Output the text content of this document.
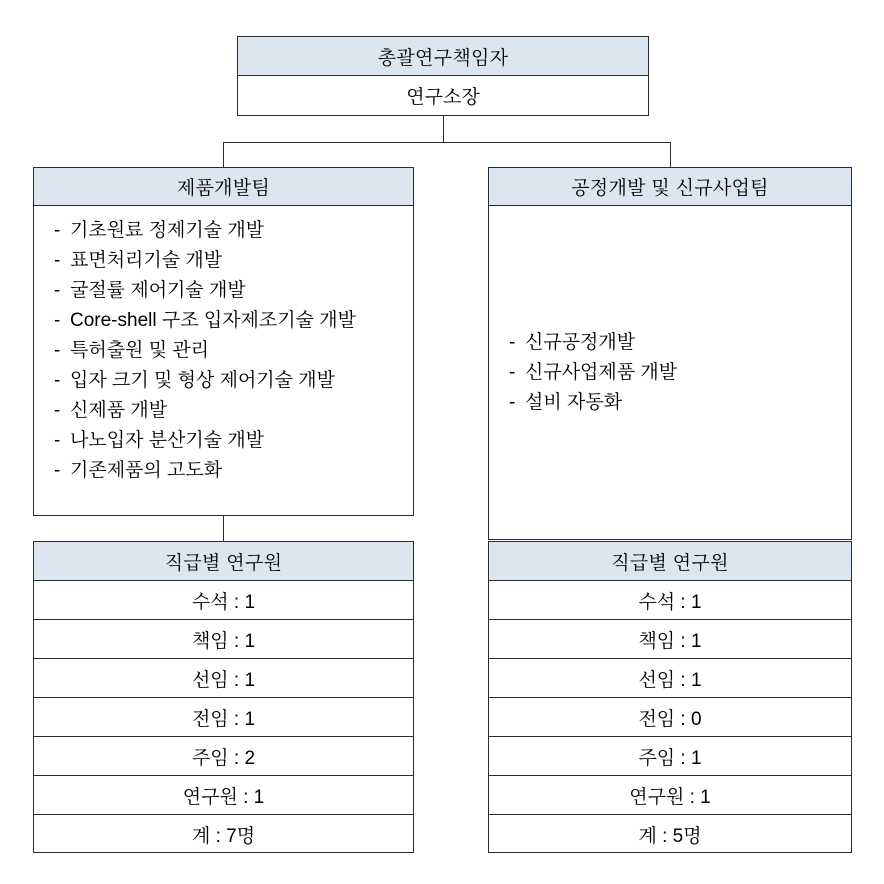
총괄연구책임자
연구소장
제품개발팀
- 기초원료 정제기술 개발
- 표면처리기술 개발
- 굴절률 제어기술 개발
- Core-shell 구조 입자제조기술 개발
- 특허출원 및 관리
- 입자 크기 및 형상 제어기술 개발
- 신제품 개발
- 나노입자 분산기술 개발
- 기존제품의 고도화
공정개발 및 신규사업팀
- 신규공정개발
- 신규사업제품 개발
- 설비 자동화
직급별 연구원
수석 : 1
책임 : 1
선임 : 1
전임 : 1
주임 : 2
연구원 : 1
계 : 7명
직급별 연구원
수석 : 1
책임 : 1
선임 : 1
전임 : 0
주임 : 1
연구원 : 1
계 : 5명
